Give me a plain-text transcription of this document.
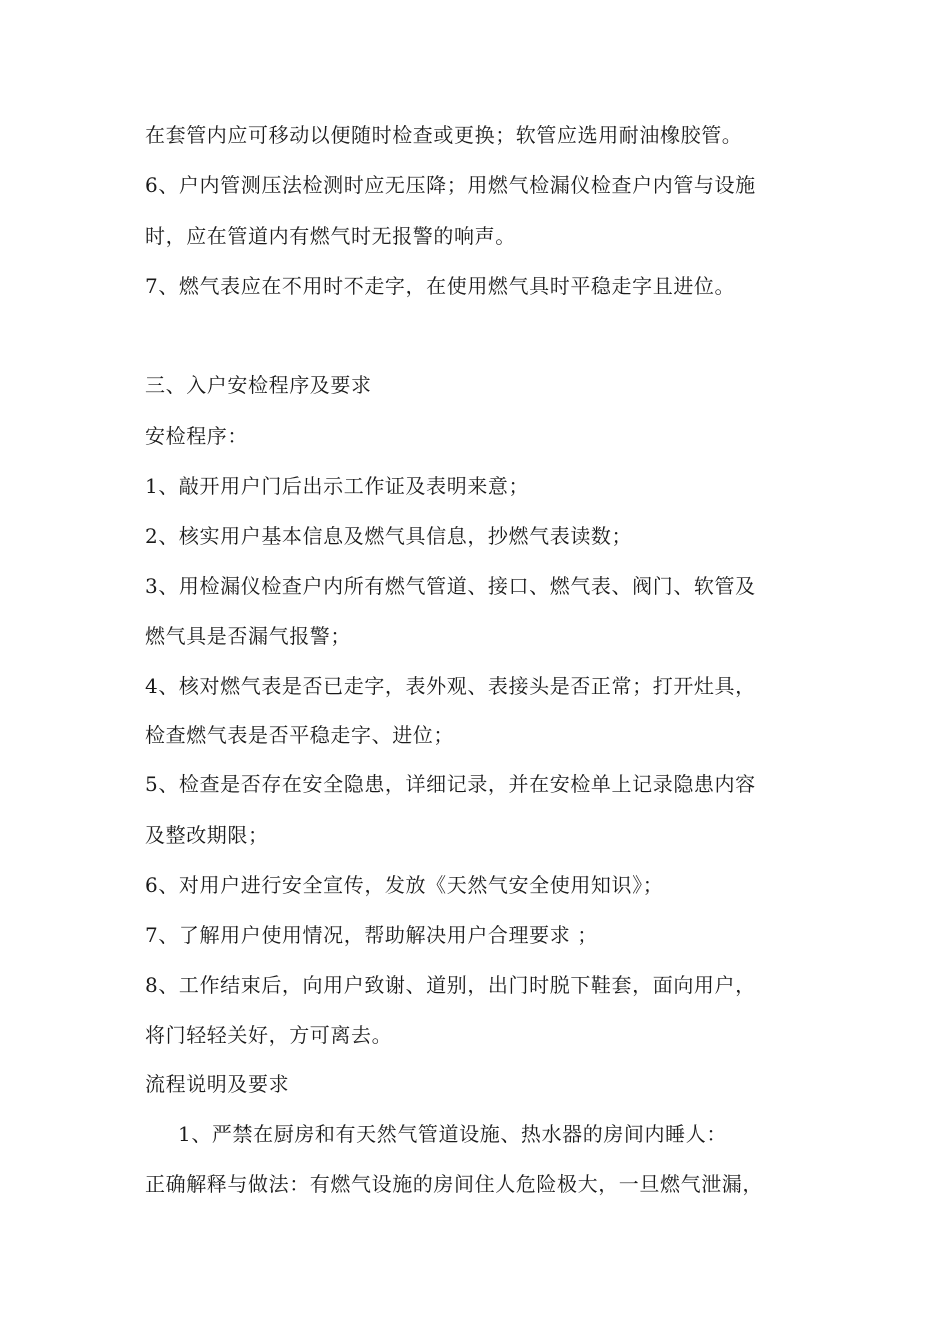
在套管内应可移动以便随时检查或更换；软管应选用耐油橡胶管。
6、户内管测压法检测时应无压降；用燃气检漏仪检查户内管与设施
时，应在管道内有燃气时无报警的响声。
7、燃气表应在不用时不走字，在使用燃气具时平稳走字且进位。
三、入户安检程序及要求
安检程序：
1、敲开用户门后出示工作证及表明来意；
2、核实用户基本信息及燃气具信息，抄燃气表读数；
3、用检漏仪检查户内所有燃气管道、接口、燃气表、阀门、软管及
燃气具是否漏气报警；
4、核对燃气表是否已走字，表外观、表接头是否正常；打开灶具，
检查燃气表是否平稳走字、进位；
5、检查是否存在安全隐患，详细记录，并在安检单上记录隐患内容
及整改期限；
6、对用户进行安全宣传，发放《天然气安全使用知识》；
7、了解用户使用情况，帮助解决用户合理要求 ；
8、工作结束后，向用户致谢、道别，出门时脱下鞋套，面向用户，
将门轻轻关好，方可离去。
流程说明及要求
1、严禁在厨房和有天然气管道设施、热水器的房间内睡人：
正确解释与做法：有燃气设施的房间住人危险极大，一旦燃气泄漏，
